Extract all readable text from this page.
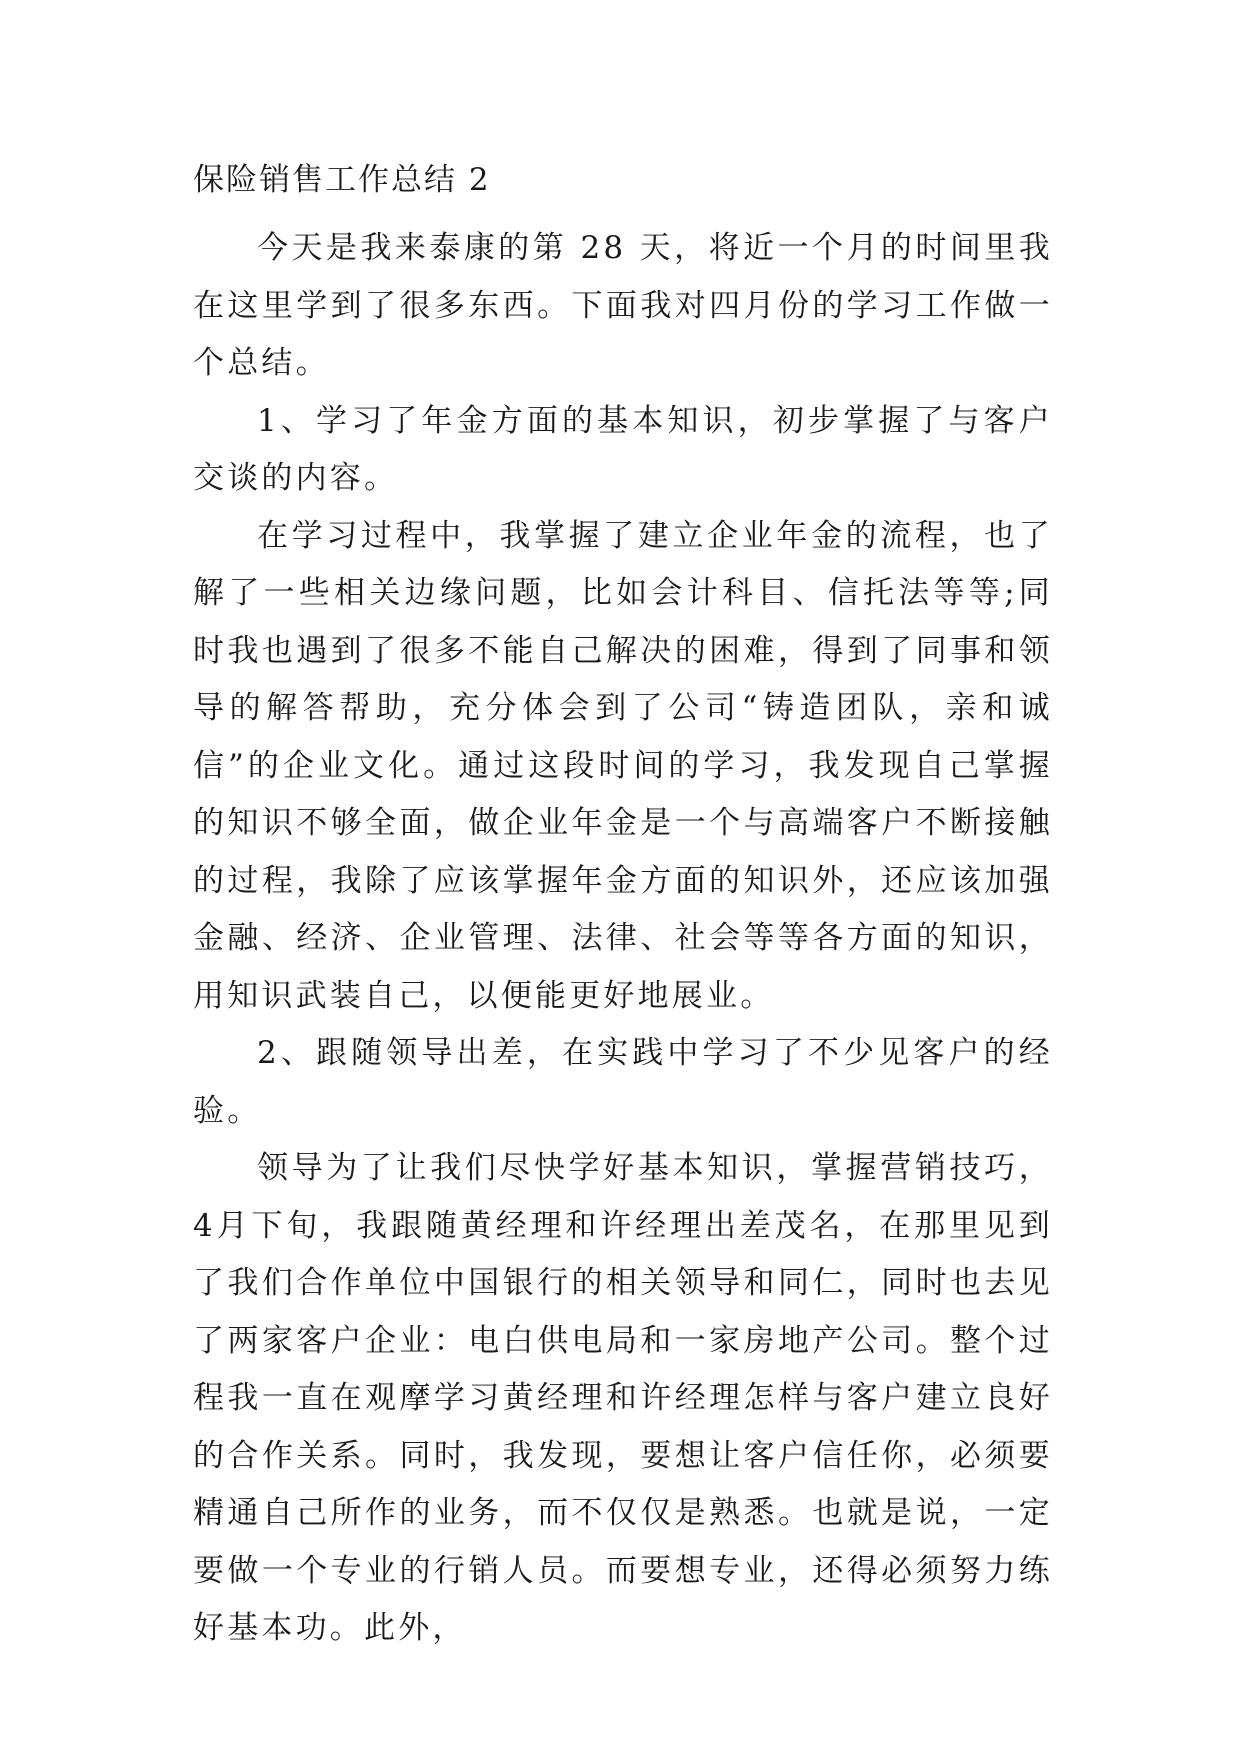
保险销售工作总结 2

今天是我来泰康的第 28 天，将近一个月的时间里我在这里学到了很多东西。下面我对四月份的学习工作做一个总结。

1、学习了年金方面的基本知识，初步掌握了与客户交谈的内容。

在学习过程中，我掌握了建立企业年金的流程，也了解了一些相关边缘问题，比如会计科目、信托法等等;同时我也遇到了很多不能自己解决的困难，得到了同事和领导的解答帮助，充分体会到了公司“铸造团队，亲和诚信”的企业文化。通过这段时间的学习，我发现自己掌握的知识不够全面，做企业年金是一个与高端客户不断接触的过程，我除了应该掌握年金方面的知识外，还应该加强金融、经济、企业管理、法律、社会等等各方面的知识，用知识武装自己，以便能更好地展业。

2、跟随领导出差，在实践中学习了不少见客户的经验。

领导为了让我们尽快学好基本知识，掌握营销技巧，4月下旬，我跟随黄经理和许经理出差茂名，在那里见到了我们合作单位中国银行的相关领导和同仁，同时也去见了两家客户企业：电白供电局和一家房地产公司。整个过程我一直在观摩学习黄经理和许经理怎样与客户建立良好的合作关系。同时，我发现，要想让客户信任你，必须要精通自己所作的业务，而不仅仅是熟悉。也就是说，一定要做一个专业的行销人员。而要想专业，还得必须努力练好基本功。此外，
